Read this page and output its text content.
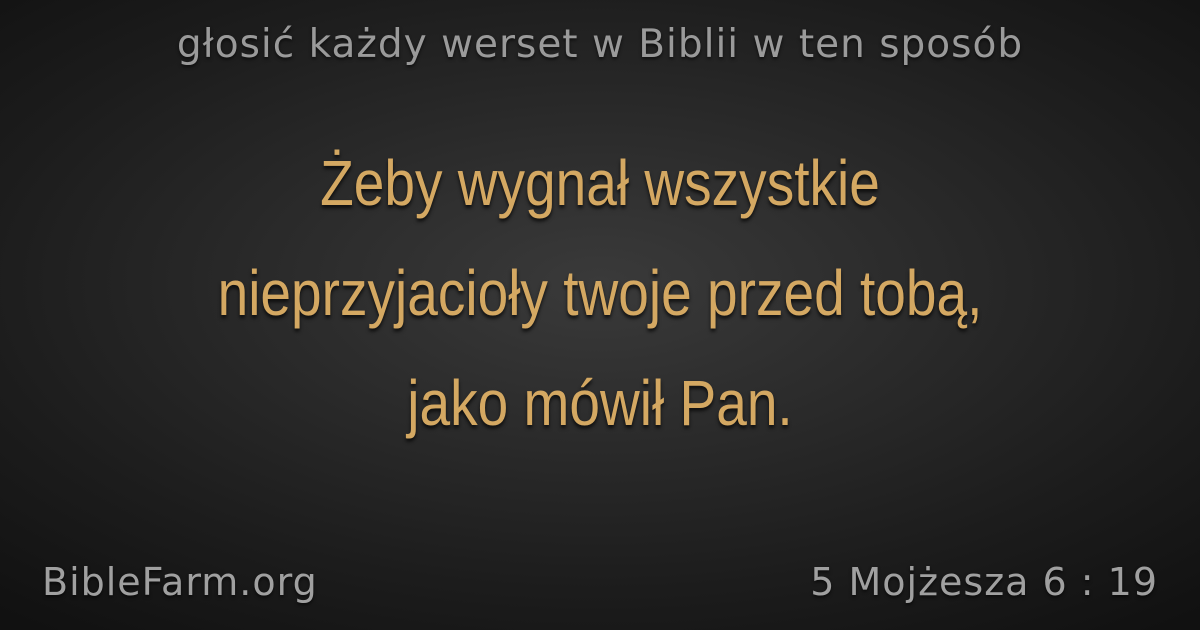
głosić każdy werset w Biblii w ten sposób
Żeby wygnał wszystkie
nieprzyjacioły twoje przed tobą,
jako mówił Pan.
BibleFarm.org	5 Mojżesza 6 : 19
